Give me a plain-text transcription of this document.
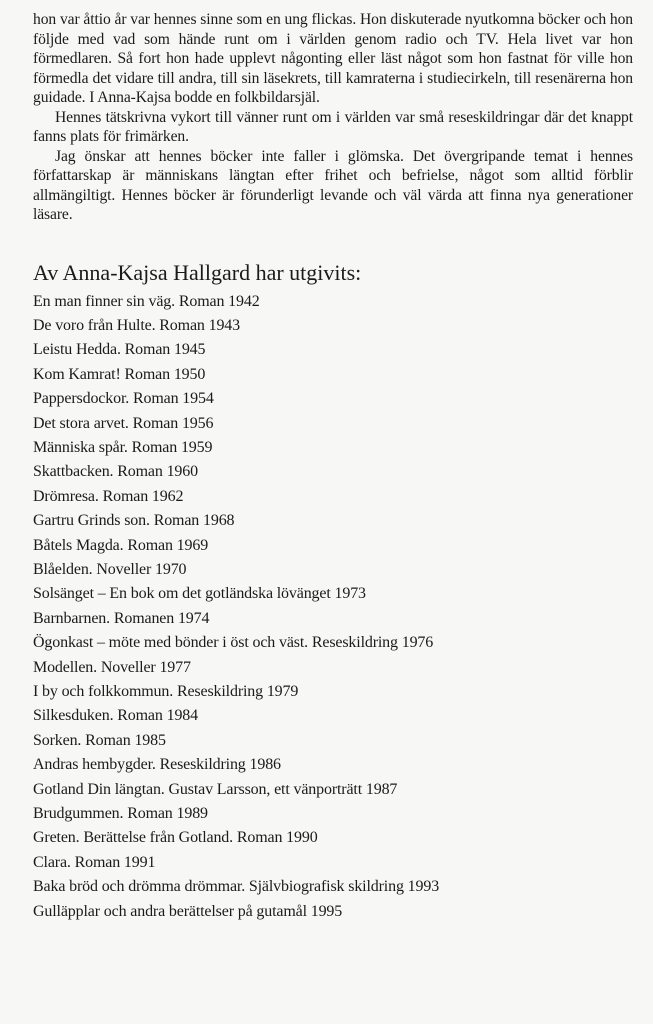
hon var åttio år var hennes sinne som en ung flickas. Hon diskuterade nyutkomna böcker och hon följde med vad som hände runt om i världen genom radio och TV. Hela livet var hon förmedlaren. Så fort hon hade upplevt någonting eller läst något som hon fastnat för ville hon förmedla det vidare till andra, till sin läsekrets, till kamraterna i studiecirkeln, till resenärerna hon guidade. I Anna-Kajsa bodde en folkbildarsjäl.

Hennes tätskrivna vykort till vänner runt om i världen var små reseskildringar där det knappt fanns plats för frimärken.

Jag önskar att hennes böcker inte faller i glömska. Det övergripande temat i hennes författarskap är människans längtan efter frihet och befrielse, något som alltid förblir allmängiltigt. Hennes böcker är förunderligt levande och väl värda att finna nya generationer läsare.

Av Anna-Kajsa Hallgard har utgivits:
En man finner sin väg. Roman 1942
De voro från Hulte. Roman 1943
Leistu Hedda. Roman 1945
Kom Kamrat! Roman 1950
Pappersdockor. Roman 1954
Det stora arvet. Roman 1956
Människa spår. Roman 1959
Skattbacken. Roman 1960
Drömresa. Roman 1962
Gartru Grinds son. Roman 1968
Båtels Magda. Roman 1969
Blåelden. Noveller 1970
Solsänget – En bok om det gotländska lövänget 1973
Barnbarnen. Romanen 1974
Ögonkast – möte med bönder i öst och väst. Reseskildring 1976
Modellen. Noveller 1977
I by och folkkommun. Reseskildring 1979
Silkesduken. Roman 1984
Sorken. Roman 1985
Andras hembygder. Reseskildring 1986
Gotland Din längtan. Gustav Larsson, ett vänporträtt 1987
Brudgummen. Roman 1989
Greten. Berättelse från Gotland. Roman 1990
Clara. Roman 1991
Baka bröd och drömma drömmar. Självbiografisk skildring 1993
Gulläpplar och andra berättelser på gutamål 1995
